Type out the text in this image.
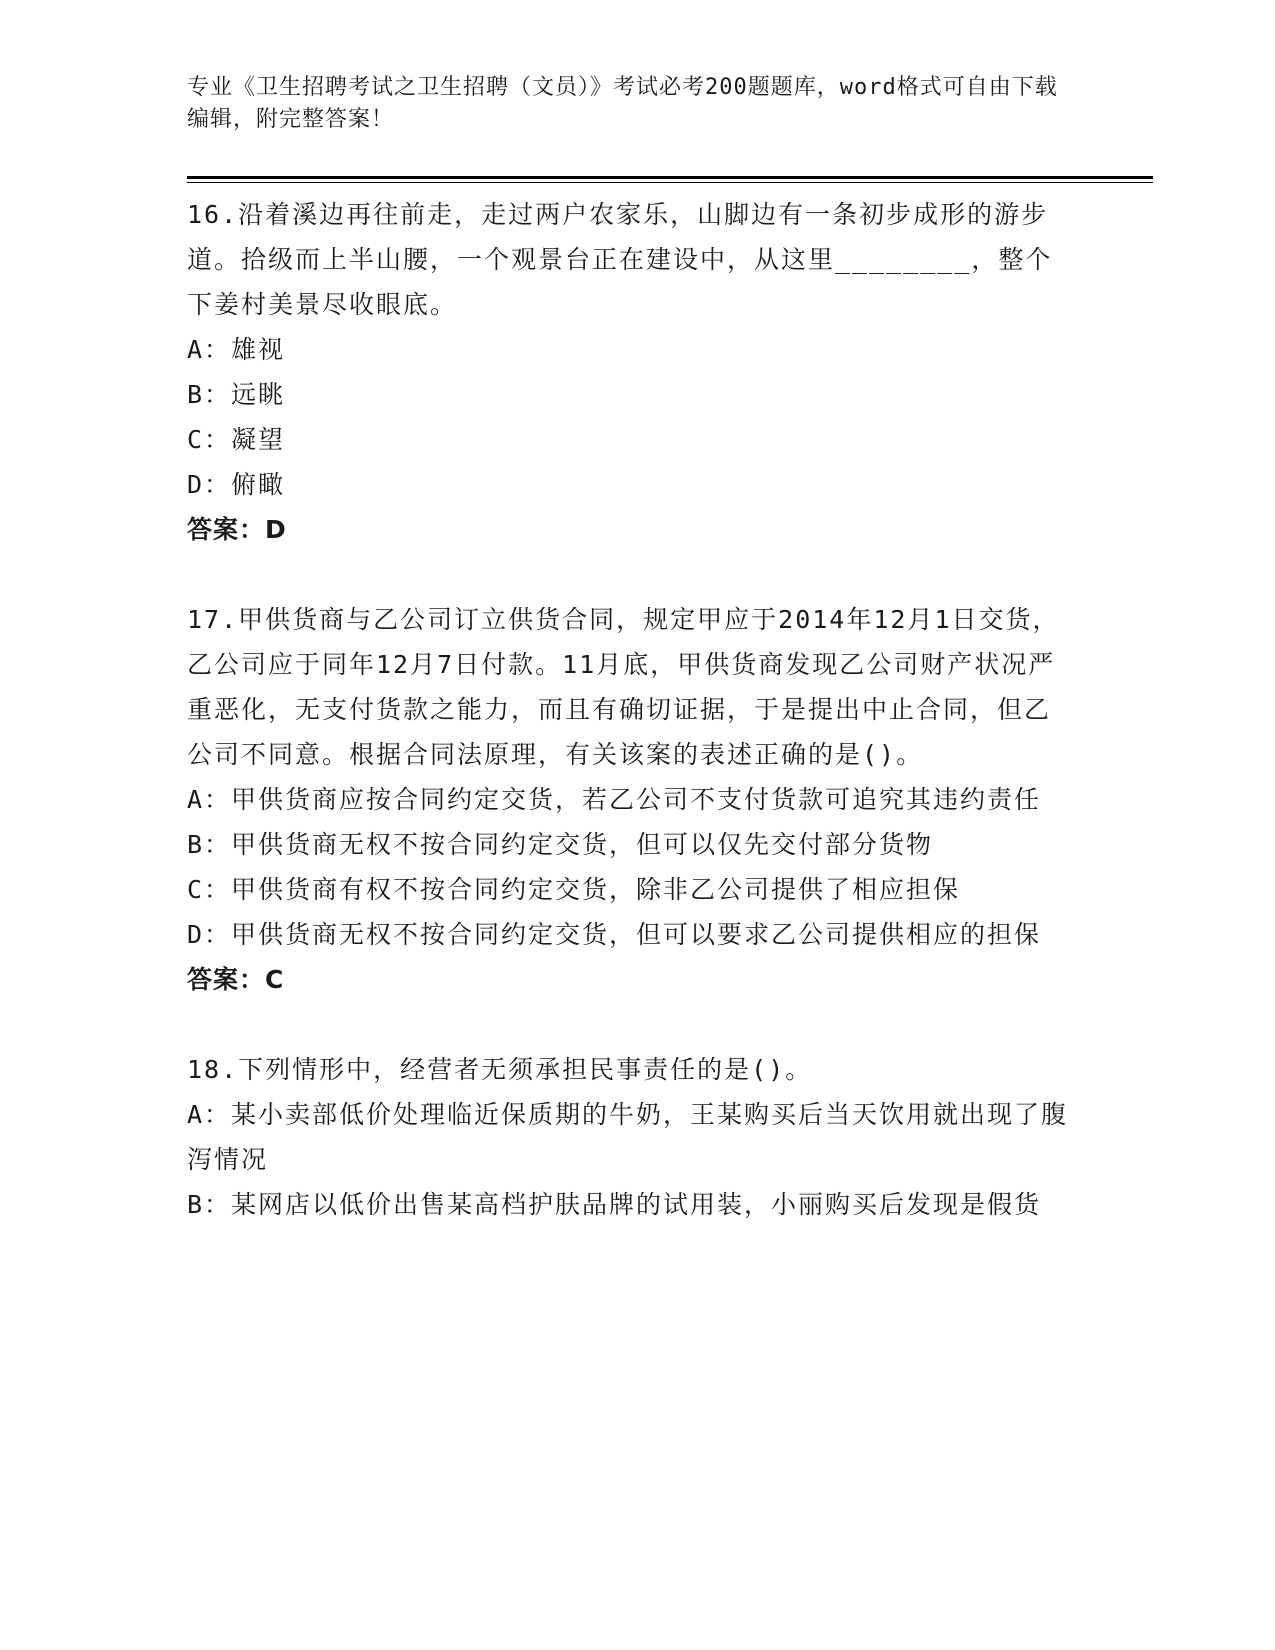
专业《卫生招聘考试之卫生招聘（文员）》考试必考200题题库，word格式可自由下载编辑，附完整答案！
16.沿着溪边再往前走，走过两户农家乐，山脚边有一条初步成形的游步道。拾级而上半山腰，一个观景台正在建设中，从这里________，整个下姜村美景尽收眼底。
A：雄视
B：远眺
C：凝望
D：俯瞰
答案：D
17.甲供货商与乙公司订立供货合同，规定甲应于2014年12月1日交货，乙公司应于同年12月7日付款。11月底，甲供货商发现乙公司财产状况严重恶化，无支付货款之能力，而且有确切证据，于是提出中止合同，但乙公司不同意。根据合同法原理，有关该案的表述正确的是()。
A：甲供货商应按合同约定交货，若乙公司不支付货款可追究其违约责任
B：甲供货商无权不按合同约定交货，但可以仅先交付部分货物
C：甲供货商有权不按合同约定交货，除非乙公司提供了相应担保
D：甲供货商无权不按合同约定交货，但可以要求乙公司提供相应的担保
答案：C
18.下列情形中，经营者无须承担民事责任的是()。
A：某小卖部低价处理临近保质期的牛奶，王某购买后当天饮用就出现了腹泻情况
B：某网店以低价出售某高档护肤品牌的试用装，小丽购买后发现是假货
